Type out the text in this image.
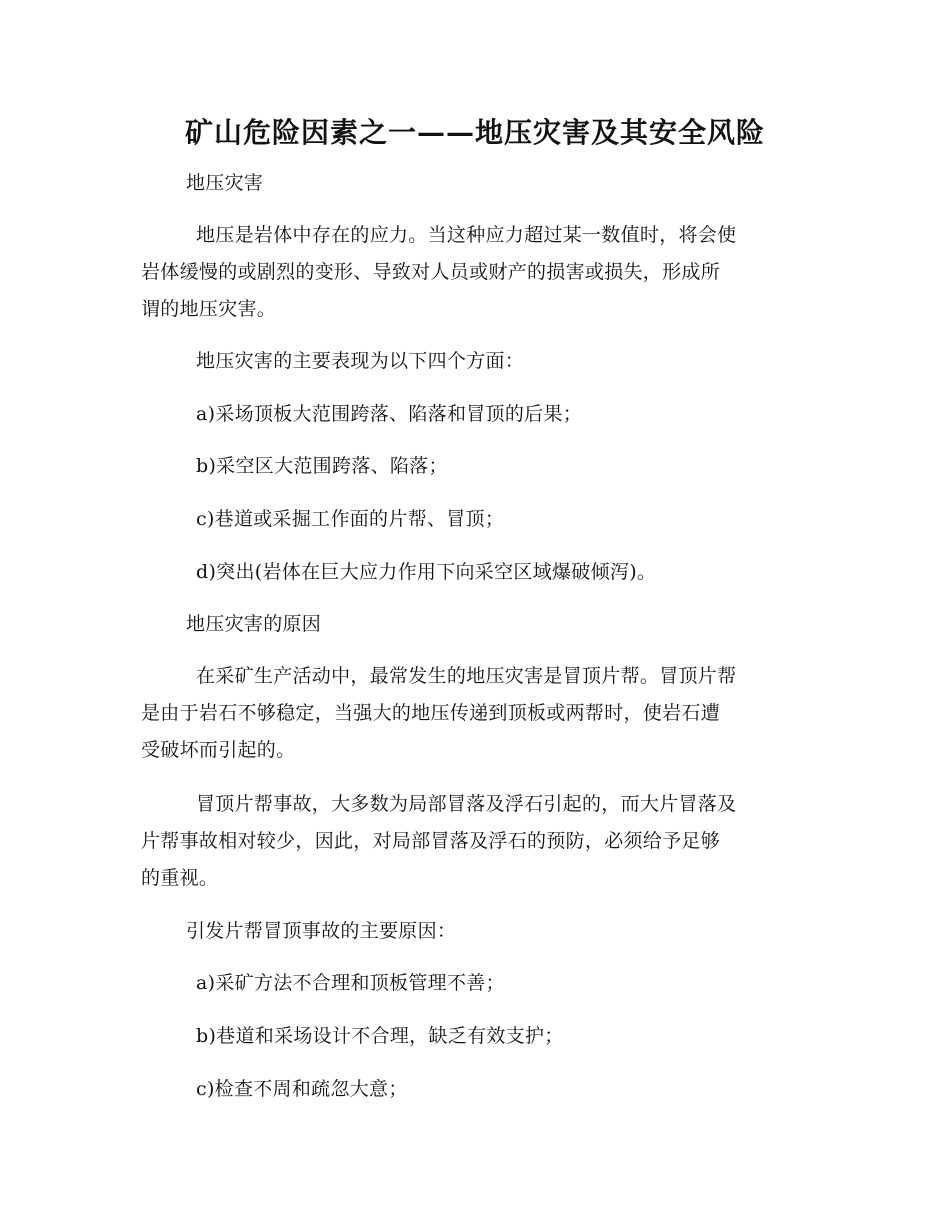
矿山危险因素之一——地压灾害及其安全风险
地压灾害
地压是岩体中存在的应力。当这种应力超过某一数值时，将会使
岩体缓慢的或剧烈的变形、导致对人员或财产的损害或损失，形成所
谓的地压灾害。
地压灾害的主要表现为以下四个方面：
a)采场顶板大范围跨落、陷落和冒顶的后果；
b)采空区大范围跨落、陷落；
c)巷道或采掘工作面的片帮、冒顶；
d)突出(岩体在巨大应力作用下向采空区域爆破倾泻)。
地压灾害的原因
在采矿生产活动中，最常发生的地压灾害是冒顶片帮。冒顶片帮
是由于岩石不够稳定，当强大的地压传递到顶板或两帮时，使岩石遭
受破坏而引起的。
冒顶片帮事故，大多数为局部冒落及浮石引起的，而大片冒落及
片帮事故相对较少，因此，对局部冒落及浮石的预防，必须给予足够
的重视。
引发片帮冒顶事故的主要原因：
a)采矿方法不合理和顶板管理不善；
b)巷道和采场设计不合理，缺乏有效支护；
c)检查不周和疏忽大意；
